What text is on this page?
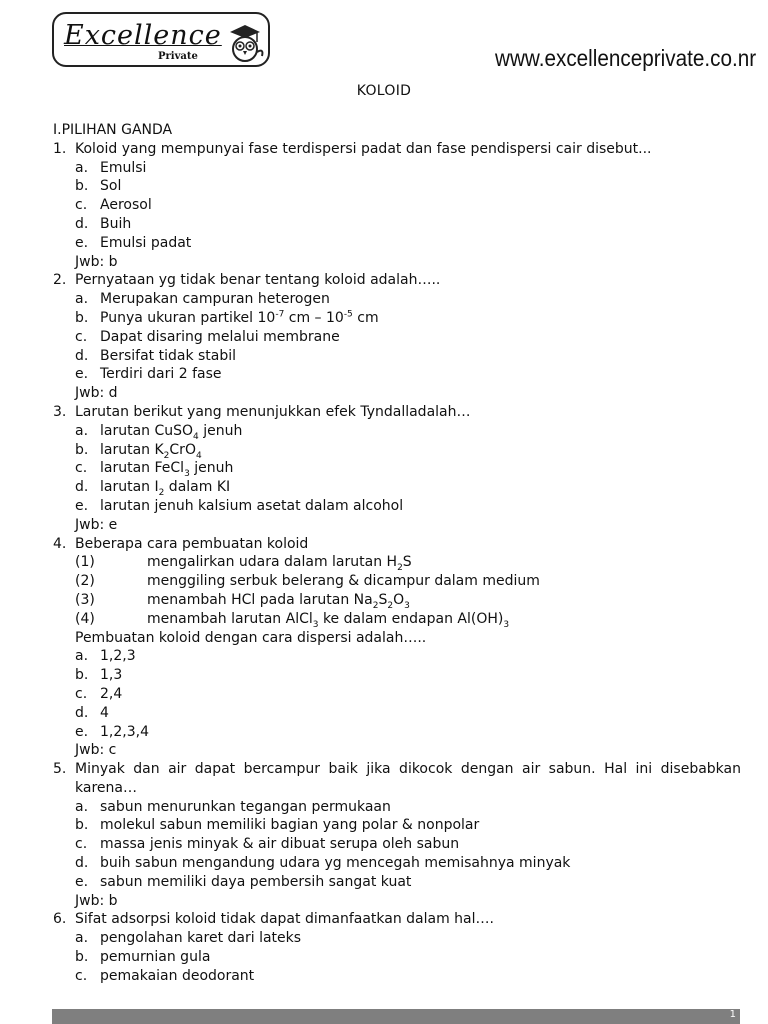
Excellence
Private	www.excellenceprivate.co.nr
KOLOID
I.PILIHAN GANDA
1. Koloid yang mempunyai fase terdispersi padat dan fase pendispersi cair disebut...
a. Emulsi
b. Sol
c. Aerosol
d. Buih
e. Emulsi padat
Jwb: b
2. Pernyataan yg tidak benar tentang koloid adalah…..
a. Merupakan campuran heterogen
b. Punya ukuran partikel $10^{-7}$ cm – $10^{-5}$ cm
c. Dapat disaring melalui membrane
d. Bersifat tidak stabil
e. Terdiri dari 2 fase
Jwb: d
3. Larutan berikut yang menunjukkan efek Tyndalladalah…
a. larutan CuSO$_4$ jenuh
b. larutan $K_2CrO_4$
c. larutan FeCl$_3$ jenuh
d. larutan $I_2$ dalam KI
e. larutan jenuh kalsium asetat dalam alcohol
Jwb: e
4. Beberapa cara pembuatan koloid
(1)	mengalirkan udara dalam larutan $H_2S$
(2)	menggiling serbuk belerang & dicampur dalam medium
(3)	menambah HCl pada larutan $Na_2S_2O_3$
(4)	menambah larutan AlCl$_3$ ke dalam endapan $Al(OH)_3$
Pembuatan koloid dengan cara dispersi adalah…..
a. 1,2,3
b. 1,3
c. 2,4
d. 4
e. 1,2,3,4
Jwb: c
5. Minyak dan air dapat bercampur baik jika dikocok dengan air sabun. Hal ini disebabkan karena…
a. sabun menurunkan tegangan permukaan
b. molekul sabun memiliki bagian yang polar & nonpolar
c. massa jenis minyak & air dibuat serupa oleh sabun
d. buih sabun mengandung udara yg mencegah memisahnya minyak
e. sabun memiliki daya pembersih sangat kuat
Jwb: b
6. Sifat adsorpsi koloid tidak dapat dimanfaatkan dalam hal….
a. pengolahan karet dari lateks
b. pemurnian gula
c. pemakaian deodorant
1
